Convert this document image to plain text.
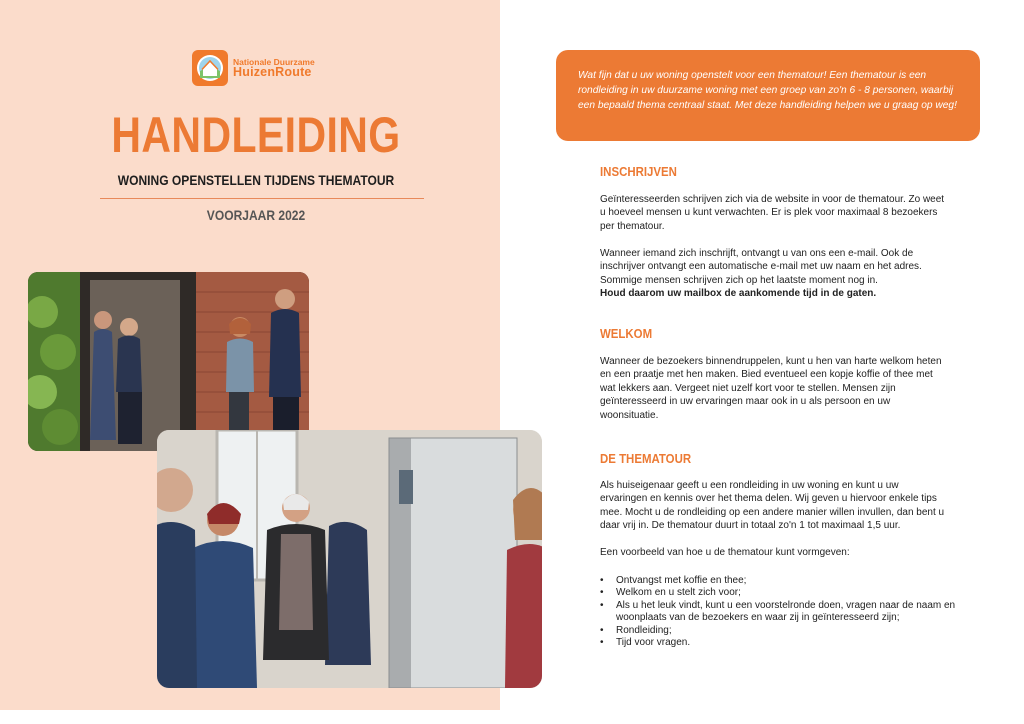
Nationale Duurzame
HuizenRoute
HANDLEIDING
WONING OPENSTELLEN TIJDENS THEMATOUR
VOORJAAR 2022
Wat fijn dat u uw woning openstelt voor een thematour! Een thematour is een rondleiding in uw duurzame woning met een groep van zo'n 6 - 8 personen, waarbij een bepaald thema centraal staat. Met deze handleiding helpen we u graag op weg!
INSCHRIJVEN
Geïnteresseerden schrijven zich via de website in voor de thematour. Zo weet u hoeveel mensen u kunt verwachten. Er is plek voor maximaal 8 bezoekers per thematour.
Wanneer iemand zich inschrijft, ontvangt u van ons een e-mail. Ook de inschrijver ontvangt een automatische e-mail met uw naam en het adres. Sommige mensen schrijven zich op het laatste moment nog in.
Houd daarom uw mailbox de aankomende tijd in de gaten.
WELKOM
Wanneer de bezoekers binnendruppelen, kunt u hen van harte welkom heten en een praatje met hen maken. Bied eventueel een kopje koffie of thee met wat lekkers aan. Vergeet niet uzelf kort voor te stellen. Mensen zijn geïnteresseerd in uw ervaringen maar ook in u als persoon en uw woonsituatie.
DE THEMATOUR
Als huiseigenaar geeft u een rondleiding in uw woning en kunt u uw ervaringen en kennis over het thema delen. Wij geven u hiervoor enkele tips mee. Mocht u de rondleiding op een andere manier willen invullen, dan bent u daar vrij in. De thematour duurt in totaal zo'n 1 tot maximaal 1,5 uur.
Een voorbeeld van hoe u de thematour kunt vormgeven:
• Ontvangst met koffie en thee;
• Welkom en u stelt zich voor;
• Als u het leuk vindt, kunt u een voorstelronde doen, vragen naar de naam en woonplaats van de bezoekers en waar zij in geïnteresseerd zijn;
• Rondleiding;
• Tijd voor vragen.
